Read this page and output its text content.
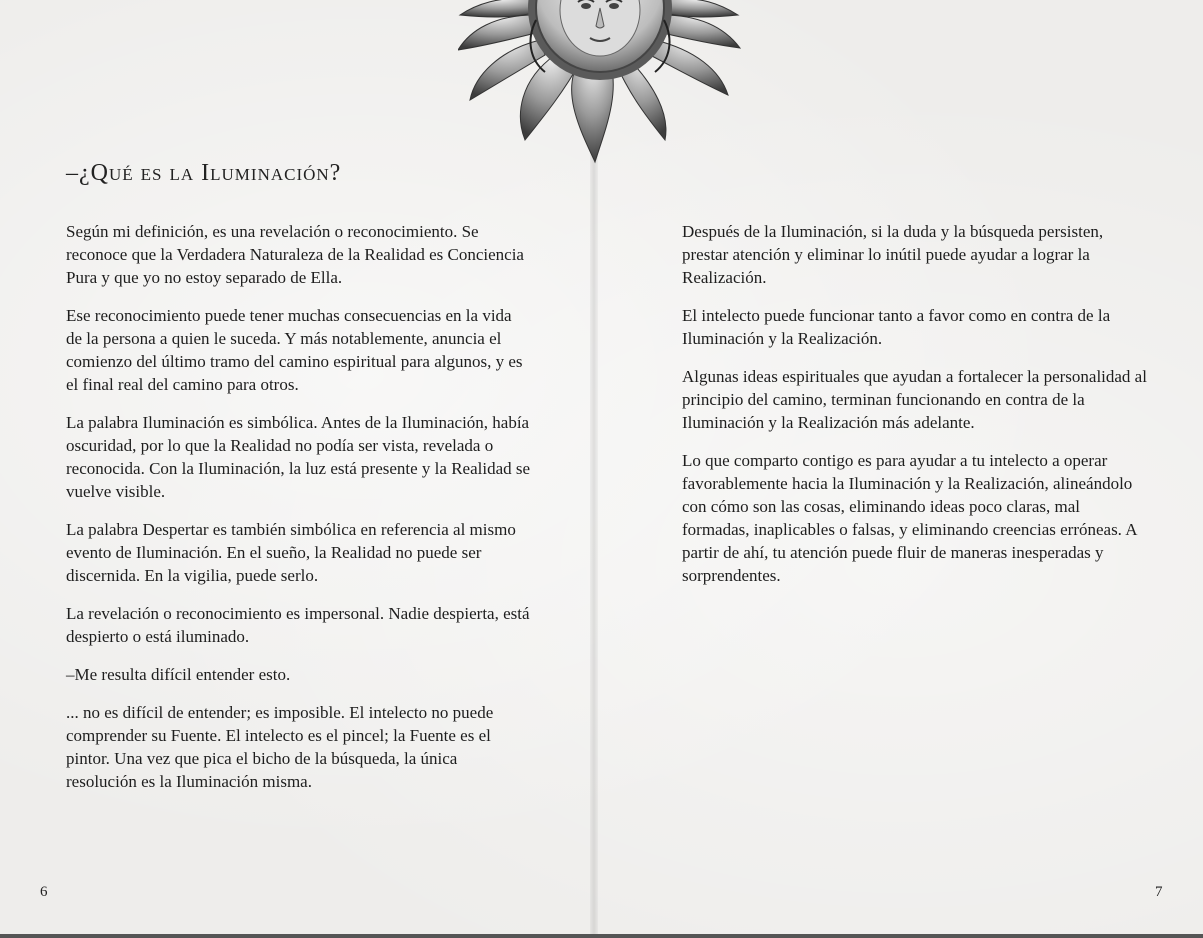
–¿Qué es la Iluminación?

Según mi definición, es una revelación o reconocimiento. Se reconoce que la Verdadera Naturaleza de la Realidad es Conciencia Pura y que yo no estoy separado de Ella.

Ese reconocimiento puede tener muchas consecuencias en la vida de la persona a quien le suceda. Y más notablemente, anuncia el comienzo del último tramo del camino espiritual para algunos, y es el final real del camino para otros.

La palabra Iluminación es simbólica. Antes de la Iluminación, había oscuridad, por lo que la Realidad no podía ser vista, revelada o reconocida. Con la Iluminación, la luz está presente y la Realidad se vuelve visible.

La palabra Despertar es también simbólica en referencia al mismo evento de Iluminación. En el sueño, la Realidad no puede ser discernida. En la vigilia, puede serlo.

La revelación o reconocimiento es impersonal. Nadie despierta, está despierto o está iluminado.

–Me resulta difícil entender esto.

... no es difícil de entender; es imposible. El intelecto no puede comprender su Fuente. El intelecto es el pincel; la Fuente es el pintor. Una vez que pica el bicho de la búsqueda, la única resolución es la Iluminación misma.

Después de la Iluminación, si la duda y la búsqueda persisten, prestar atención y eliminar lo inútil puede ayudar a lograr la Realización.

El intelecto puede funcionar tanto a favor como en contra de la Iluminación y la Realización.

Algunas ideas espirituales que ayudan a fortalecer la personalidad al principio del camino, terminan funcionando en contra de la Iluminación y la Realización más adelante.

Lo que comparto contigo es para ayudar a tu intelecto a operar favorablemente hacia la Iluminación y la Realización, alineándolo con cómo son las cosas, eliminando ideas poco claras, mal formadas, inaplicables o falsas, y eliminando creencias erróneas. A partir de ahí, tu atención puede fluir de maneras inesperadas y sorprendentes.

6	7
